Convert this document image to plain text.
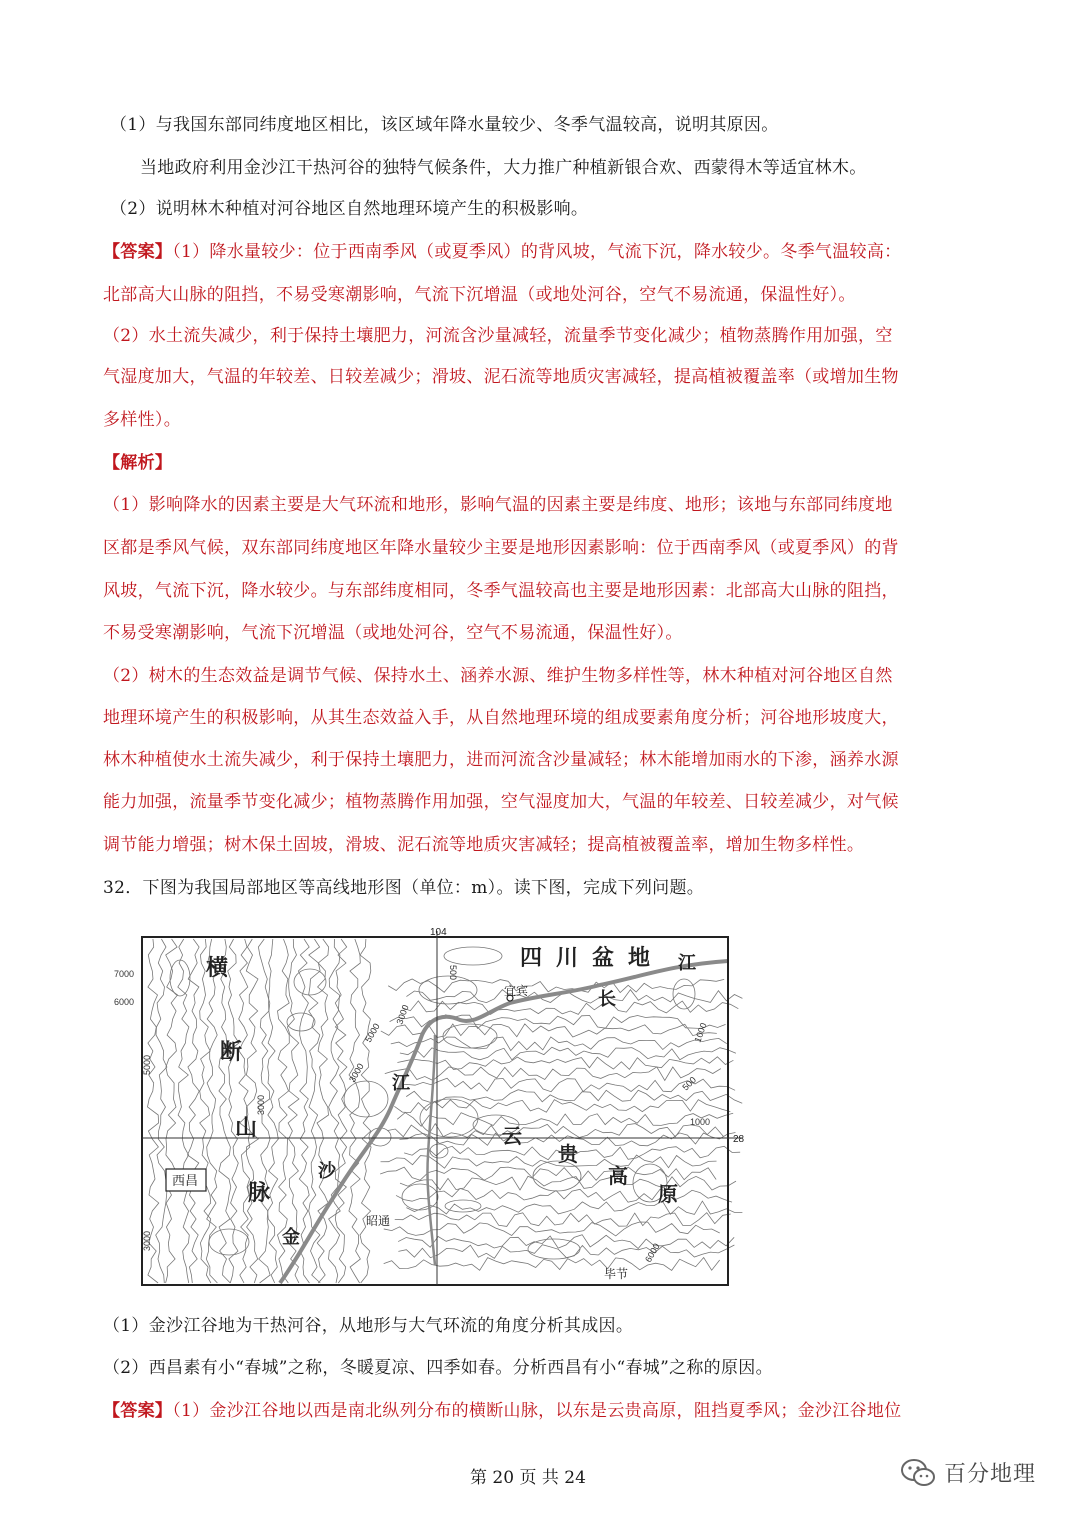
（1）与我国东部同纬度地区相比，该区域年降水量较少、冬季气温较高，说明其原因。
当地政府利用金沙江干热河谷的独特气候条件，大力推广种植新银合欢、西蒙得木等适宜林木。
（2）说明林木种植对河谷地区自然地理环境产生的积极影响。
【答案】（1）降水量较少：位于西南季风（或夏季风）的背风坡，气流下沉，降水较少。冬季气温较高：
北部高大山脉的阻挡，不易受寒潮影响，气流下沉增温（或地处河谷，空气不易流通，保温性好）。
（2）水土流失减少，利于保持土壤肥力，河流含沙量减轻，流量季节变化减少；植物蒸腾作用加强，空
气湿度加大，气温的年较差、日较差减少；滑坡、泥石流等地质灾害减轻，提高植被覆盖率（或增加生物
多样性）。
【解析】
（1）影响降水的因素主要是大气环流和地形，影响气温的因素主要是纬度、地形；该地与东部同纬度地
区都是季风气候，双东部同纬度地区年降水量较少主要是地形因素影响：位于西南季风（或夏季风）的背
风坡，气流下沉，降水较少。与东部纬度相同，冬季气温较高也主要是地形因素：北部高大山脉的阻挡，
不易受寒潮影响，气流下沉增温（或地处河谷，空气不易流通，保温性好）。
（2）树木的生态效益是调节气候、保持水土、涵养水源、维护生物多样性等，林木种植对河谷地区自然
地理环境产生的积极影响，从其生态效益入手，从自然地理环境的组成要素角度分析；河谷地形坡度大，
林木种植使水土流失减少，利于保持土壤肥力，进而河流含沙量减轻；林木能增加雨水的下渗，涵养水源
能力加强，流量季节变化减少；植物蒸腾作用加强，空气湿度加大，气温的年较差、日较差减少，对气候
调节能力增强；树木保土固坡，滑坡、泥石流等地质灾害减轻；提高植被覆盖率，增加生物多样性。
32．下图为我国局部地区等高线地形图（单位：m）。读下图，完成下列问题。
（1）金沙江谷地为干热河谷，从地形与大气环流的角度分析其成因。
（2）西昌素有小“春城”之称，冬暖夏凉、四季如春。分析西昌有小“春城”之称的原因。
【答案】（1）金沙江谷地以西是南北纵列分布的横断山脉，以东是云贵高原，阻挡夏季风；金沙江谷地位
104
28
四川盆地
横
断
山
脉
金
沙
江
长
江
云
贵
高
原
宜宾
西昌
昭通
毕节
7000
6000
5000
3000
3000
5000
3000
3000
1000
500
500
1000
6000
第 20 页 共 24	百分地理
